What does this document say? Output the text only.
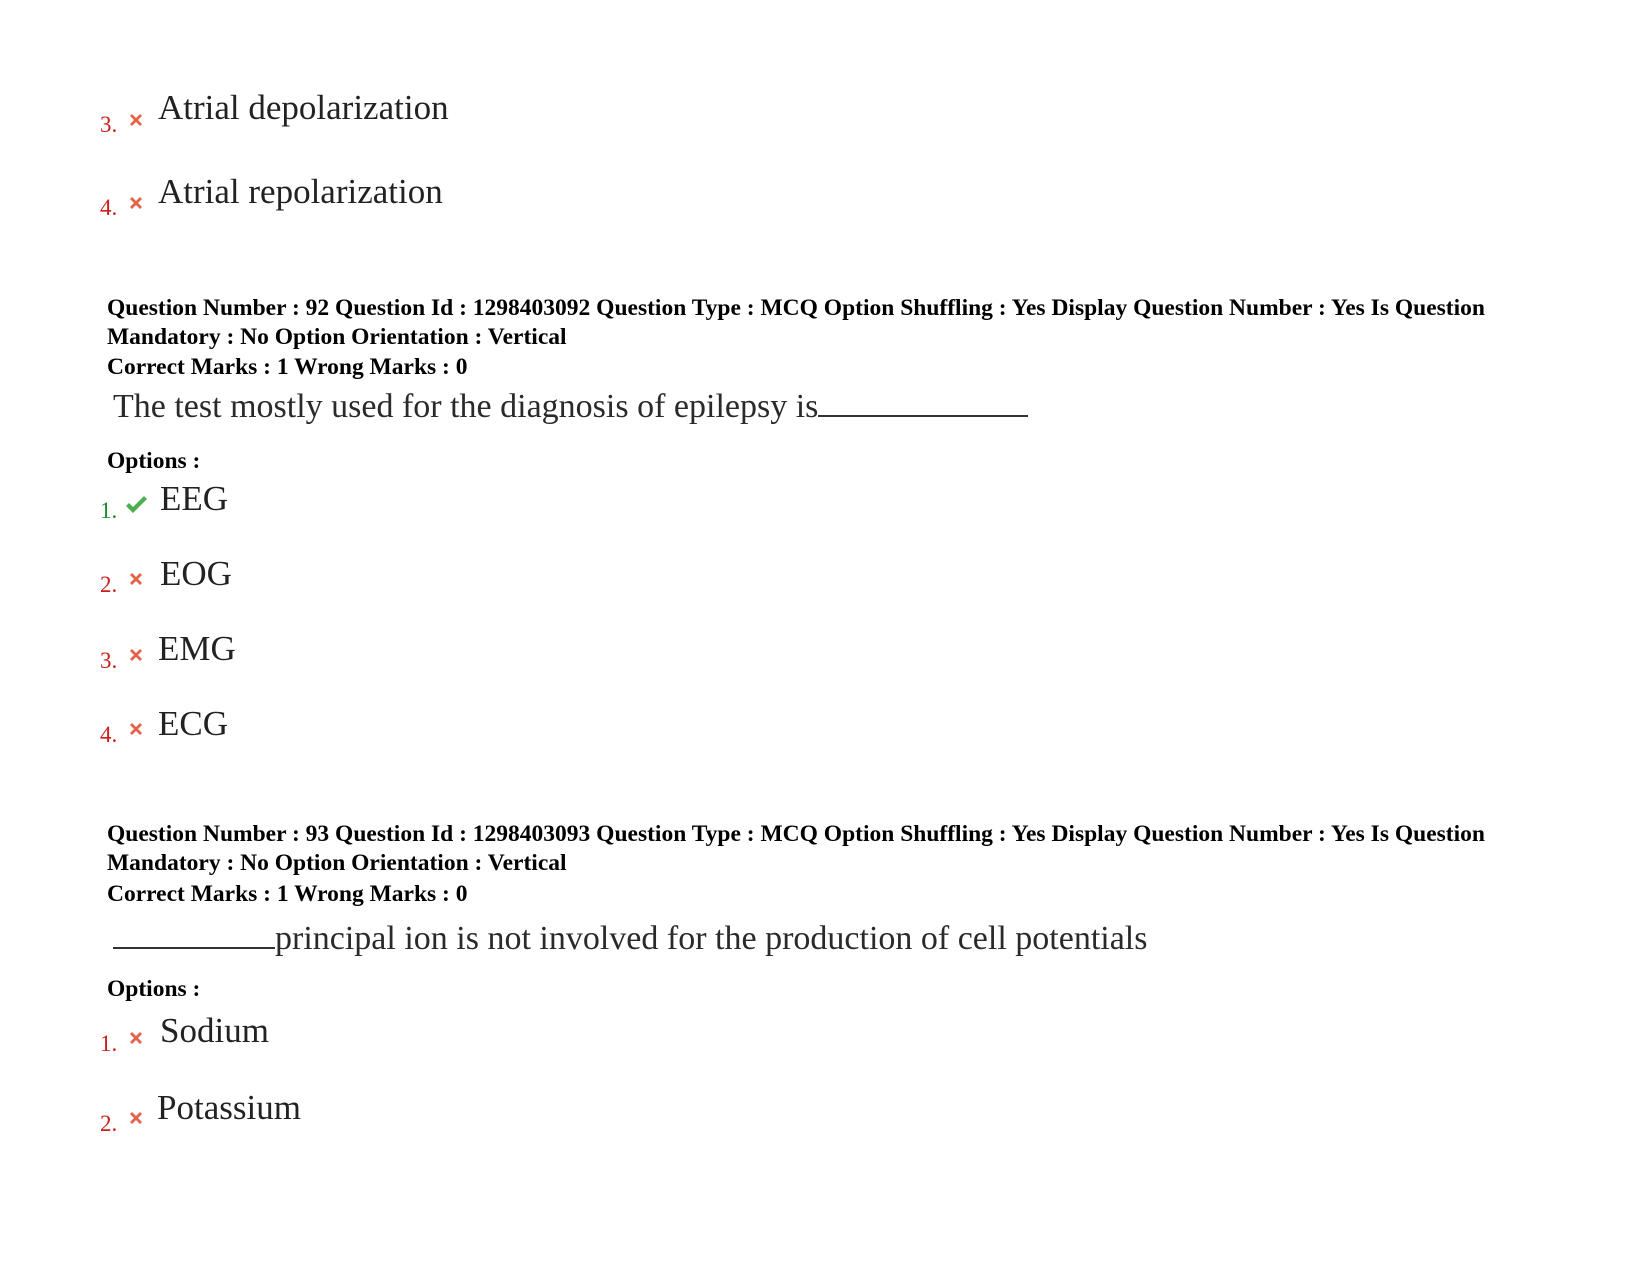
3. Atrial depolarization
4. Atrial repolarization
Question Number : 92 Question Id : 1298403092 Question Type : MCQ Option Shuffling : Yes Display Question Number : Yes Is Question Mandatory : No Option Orientation : Vertical
Correct Marks : 1 Wrong Marks : 0
The test mostly used for the diagnosis of epilepsy is
Options :
1. EEG
2. EOG
3. EMG
4. ECG
Question Number : 93 Question Id : 1298403093 Question Type : MCQ Option Shuffling : Yes Display Question Number : Yes Is Question Mandatory : No Option Orientation : Vertical
Correct Marks : 1 Wrong Marks : 0
principal ion is not involved for the production of cell potentials
Options :
1. Sodium
2. Potassium
